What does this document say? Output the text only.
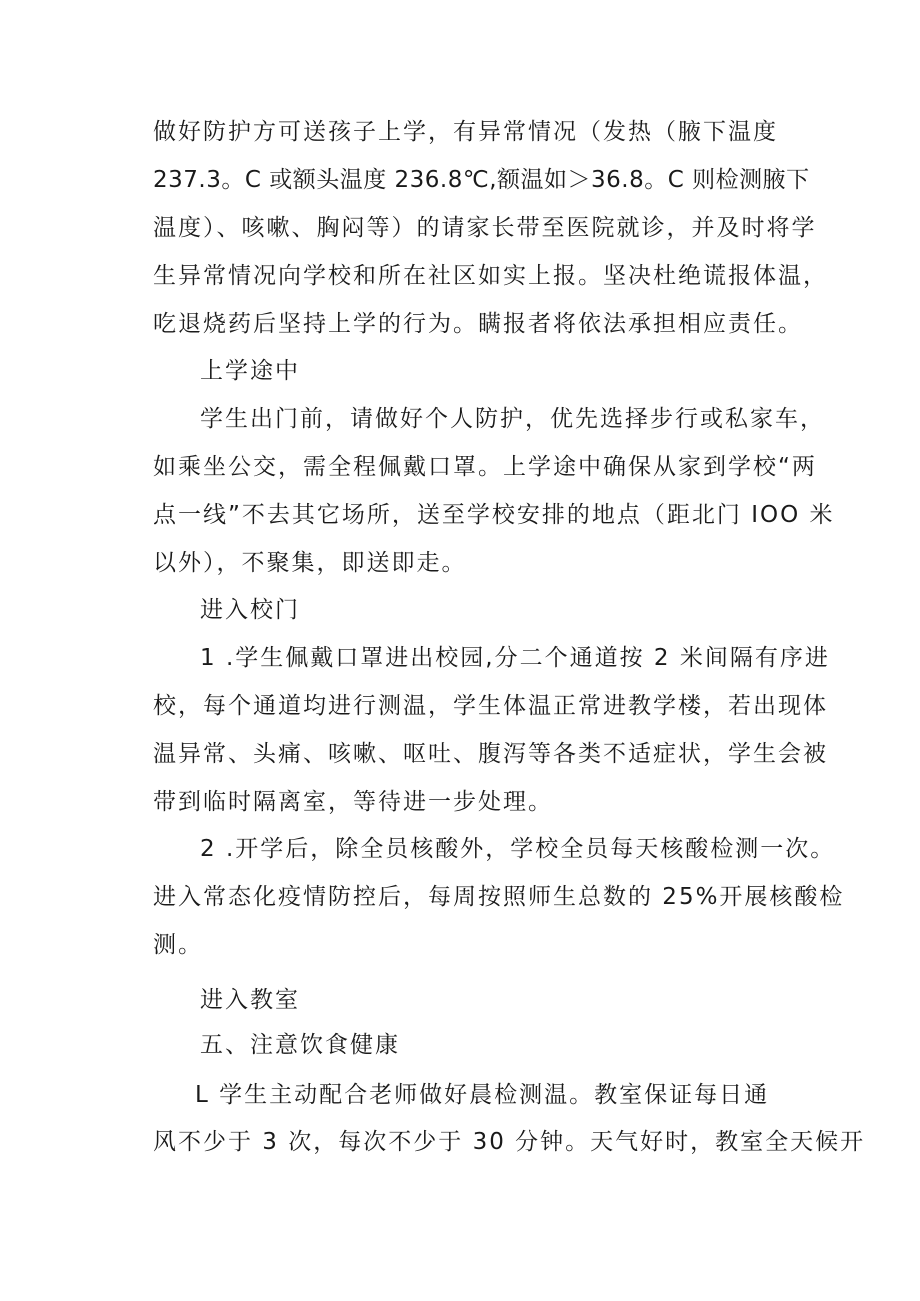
做好防护方可送孩子上学，有异常情况（发热（腋下温度
237.3。C 或额头温度 236.8℃,额温如＞36.8。C 则检测腋下
温度）、咳嗽、胸闷等）的请家长带至医院就诊，并及时将学
生异常情况向学校和所在社区如实上报。坚决杜绝谎报体温，
吃退烧药后坚持上学的行为。瞒报者将依法承担相应责任。
上学途中
学生出门前，请做好个人防护，优先选择步行或私家车，
如乘坐公交，需全程佩戴口罩。上学途中确保从家到学校“两
点一线”不去其它场所，送至学校安排的地点（距北门 IOO 米
以外），不聚集，即送即走。
进入校门
1 .学生佩戴口罩进出校园,分二个通道按 2 米间隔有序进
校，每个通道均进行测温，学生体温正常进教学楼，若出现体
温异常、头痛、咳嗽、呕吐、腹泻等各类不适症状，学生会被
带到临时隔离室，等待进一步处理。
2 .开学后，除全员核酸外，学校全员每天核酸检测一次。
进入常态化疫情防控后，每周按照师生总数的 25%开展核酸检
测。
进入教室
五、注意饮食健康
L 学生主动配合老师做好晨检测温。教室保证每日通
风不少于 3 次，每次不少于 30 分钟。天气好时，教室全天候开
